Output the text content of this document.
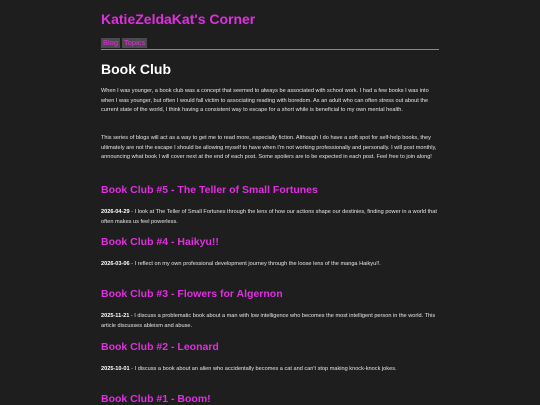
KatieZeldaKat's Corner
Blog Topics
Book Club

When I was younger, a book club was a concept that seemed to always be associated with school work. I had a few books I was into when I was younger, but often I would fall victim to associating reading with boredom. As an adult who can often stress out about the current state of the world, I think having a consistent way to escape for a short while is beneficial to my own mental health.

This series of blogs will act as a way to get me to read more, especially fiction. Although I do have a soft spot for self-help books, they ultimately are not the escape I should be allowing myself to have when I'm not working professionally and personally. I will post monthly, announcing what book I will cover next at the end of each post. Some spoilers are to be expected in each post. Feel free to join along!

Book Club #5 - The Teller of Small Fortunes

2026-04-29 - I look at The Teller of Small Fortunes through the lens of how our actions shape our destinies, finding power in a world that often makes us feel powerless.

Book Club #4 - Haikyu!!

2026-03-06 - I reflect on my own professional development journey through the loose lens of the manga Haikyu!!.

Book Club #3 - Flowers for Algernon

2025-11-21 - I discuss a problematic book about a man with low intelligence who becomes the most intelligent person in the world. This article discusses ableism and abuse.

Book Club #2 - Leonard

2025-10-01 - I discuss a book about an alien who accidentally becomes a cat and can't stop making knock-knock jokes.

Book Club #1 - Boom!
